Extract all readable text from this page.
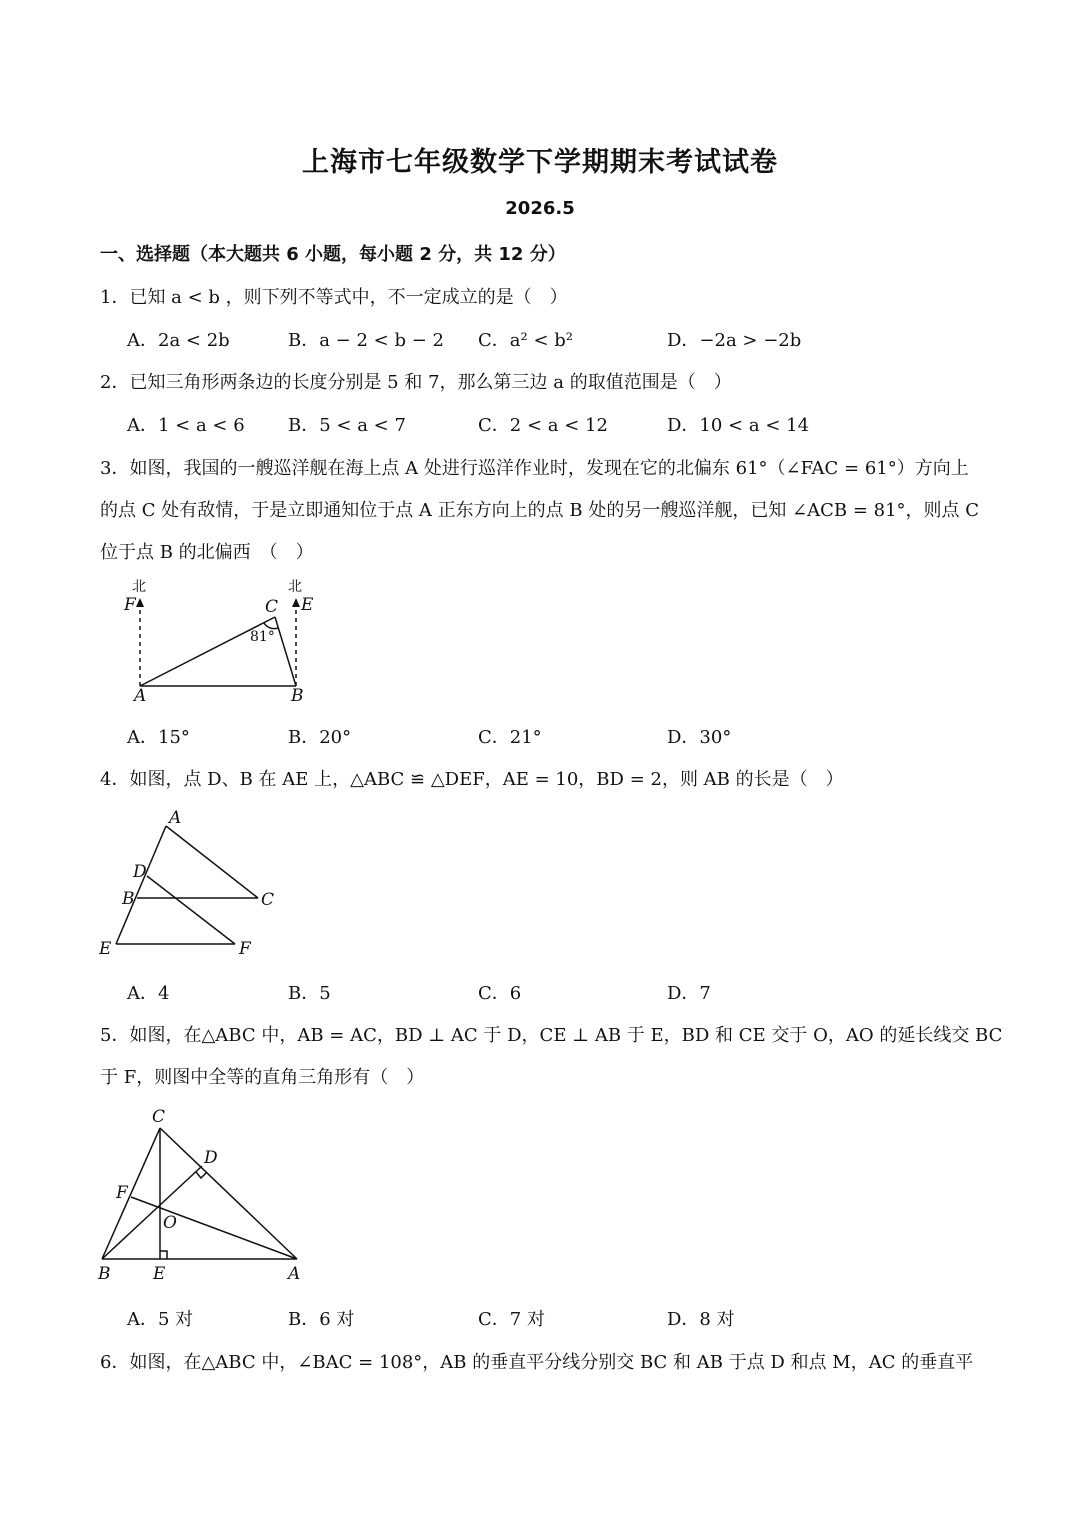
上海市七年级数学下学期期末考试试卷
2026.5
一、选择题（本大题共 6 小题，每小题 2 分，共 12 分）
1．已知 a < b ，则下列不等式中，不一定成立的是（　）
A．2a < 2b	B．a − 2 < b − 2 C．a² < b²	D．−2a > −2b
2．已知三角形两条边的长度分别是 5 和 7，那么第三边 a 的取值范围是（　）
A．1 < a < 6 B．5 < a < 7	C．2 < a < 12	D．10 < a < 14
3．如图，我国的一艘巡洋舰在海上点 A 处进行巡洋作业时，发现在它的北偏东 61°（∠FAC = 61°）方向上
的点 C 处有敌情，于是立即通知位于点 A 正东方向上的点 B 处的另一艘巡洋舰，已知 ∠ACB = 81°，则点 C
位于点 B 的北偏西　（　）
北	北
F	E
C
81°
A	B
A．15°	B．20°	C．21°	D．30°
4．如图，点 D、B 在 AE 上，△ABC ≌ △DEF，AE = 10，BD = 2，则 AB 的长是（　）
A
D
B	C
E	F
A．4	B．5	C．6	D．7
5．如图，在△ABC 中，AB = AC，BD ⊥ AC 于 D，CE ⊥ AB 于 E，BD 和 CE 交于 O，AO 的延长线交 BC
于 F，则图中全等的直角三角形有（　）
C
D
F
O
B	E	A
A．5 对	B．6 对	C．7 对	D．8 对
6．如图，在△ABC 中，∠BAC = 108°，AB 的垂直平分线分别交 BC 和 AB 于点 D 和点 M，AC 的垂直平
